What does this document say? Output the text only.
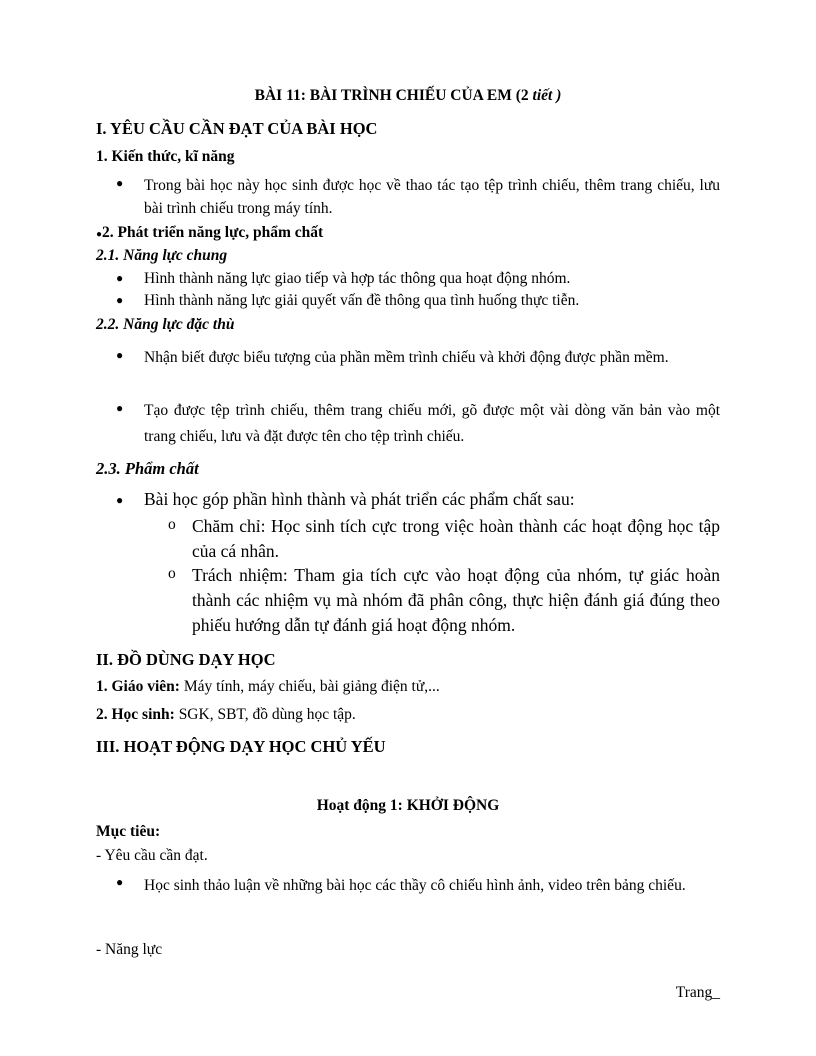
BÀI 11: BÀI TRÌNH CHIẾU CỦA EM (2 tiết )
I. YÊU CẦU CẦN ĐẠT CỦA BÀI HỌC
1. Kiến thức, kĩ năng
●	Trong bài học này học sinh được học về thao tác tạo tệp trình chiếu, thêm trang chiếu, lưu bài trình chiếu trong máy tính.
●2. Phát triển năng lực, phẩm chất
2.1. Năng lực chung
●	Hình thành năng lực giao tiếp và hợp tác thông qua hoạt động nhóm.
●	Hình thành năng lực giải quyết vấn đề thông qua tình huống thực tiễn.
2.2. Năng lực đặc thù
●	Nhận biết được biểu tượng của phần mềm trình chiếu và khởi động được phần mềm.
●	Tạo được tệp trình chiếu, thêm trang chiếu mới, gõ được một vài dòng văn bản vào một trang chiếu, lưu và đặt được tên cho tệp trình chiếu.
2.3. Phẩm chất
●	Bài học góp phần hình thành và phát triển các phẩm chất sau:
o Chăm chỉ: Học sinh tích cực trong việc hoàn thành các hoạt động học tập của cá nhân.
o Trách nhiệm: Tham gia tích cực vào hoạt động của nhóm, tự giác hoàn thành các nhiệm vụ mà nhóm đã phân công, thực hiện đánh giá đúng theo phiếu hướng dẫn tự đánh giá hoạt động nhóm.
II. ĐỒ DÙNG DẠY HỌC
1. Giáo viên: Máy tính, máy chiếu, bài giảng điện tử,...
2. Học sinh: SGK, SBT, đồ dùng học tập.
III. HOẠT ĐỘNG DẠY HỌC CHỦ YẾU
Hoạt động 1: KHỞI ĐỘNG
Mục tiêu:
- Yêu cầu cần đạt.
●	Học sinh thảo luận về những bài học các thầy cô chiếu hình ảnh, video trên bảng chiếu.
- Năng lực
Trang_
